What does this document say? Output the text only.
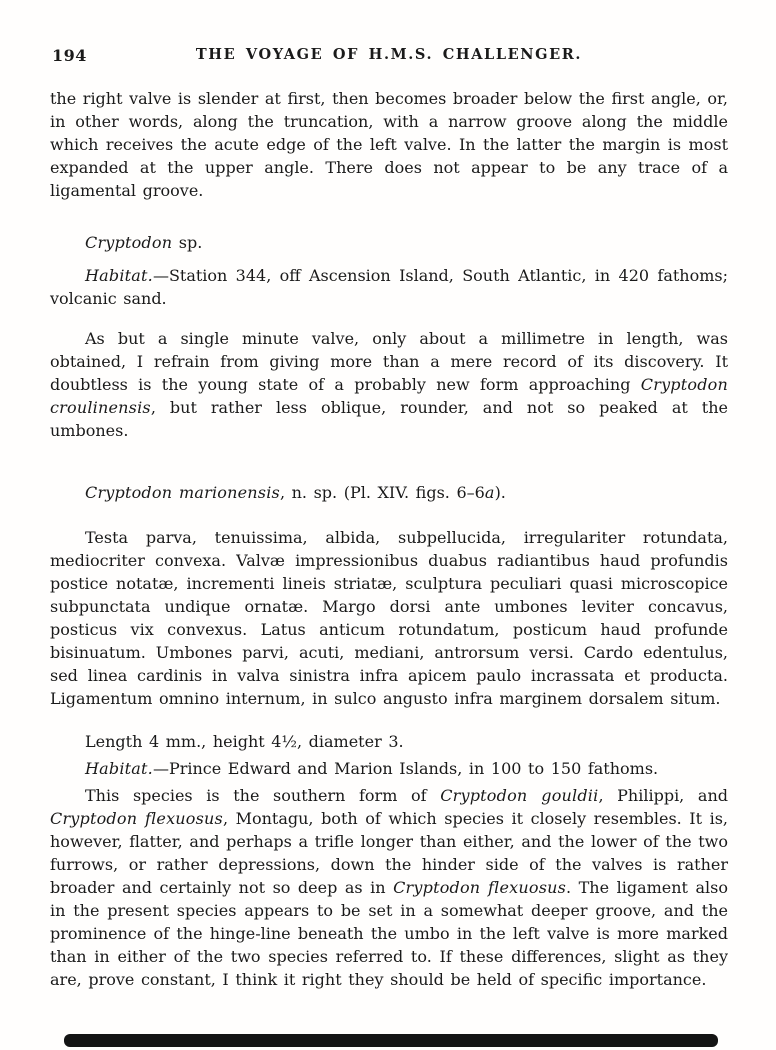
194	THE VOYAGE OF H.M.S. CHALLENGER.

the right valve is slender at first, then becomes broader below the first angle, or, in other words, along the truncation, with a narrow groove along the middle which receives the acute edge of the left valve. In the latter the margin is most expanded at the upper angle. There does not appear to be any trace of a ligamental groove.

Cryptodon sp.

Habitat.—Station 344, off Ascension Island, South Atlantic, in 420 fathoms; volcanic sand.

As but a single minute valve, only about a millimetre in length, was obtained, I refrain from giving more than a mere record of its discovery. It doubtless is the young state of a probably new form approaching Cryptodon croulinensis, but rather less oblique, rounder, and not so peaked at the umbones.

Cryptodon marionensis, n. sp. (Pl. XIV. figs. 6–6a).

Testa parva, tenuissima, albida, subpellucida, irregulariter rotundata, mediocriter convexa. Valvæ impressionibus duabus radiantibus haud profundis postice notatæ, incrementi lineis striatæ, sculptura peculiari quasi microscopice subpunctata undique ornatæ. Margo dorsi ante umbones leviter concavus, posticus vix convexus. Latus anticum rotundatum, posticum haud profunde bisinuatum. Umbones parvi, acuti, mediani, antrorsum versi. Cardo edentulus, sed linea cardinis in valva sinistra infra apicem paulo incrassata et producta. Ligamentum omnino internum, in sulco angusto infra marginem dorsalem situm.

Length 4 mm., height 4½, diameter 3.

Habitat.—Prince Edward and Marion Islands, in 100 to 150 fathoms.

This species is the southern form of Cryptodon gouldii, Philippi, and Cryptodon flexuosus, Montagu, both of which species it closely resembles. It is, however, flatter, and perhaps a trifle longer than either, and the lower of the two furrows, or rather depressions, down the hinder side of the valves is rather broader and certainly not so deep as in Cryptodon flexuosus. The ligament also in the present species appears to be set in a somewhat deeper groove, and the prominence of the hinge-line beneath the umbo in the left valve is more marked than in either of the two species referred to. If these differences, slight as they are, prove constant, I think it right they should be held of specific importance.
